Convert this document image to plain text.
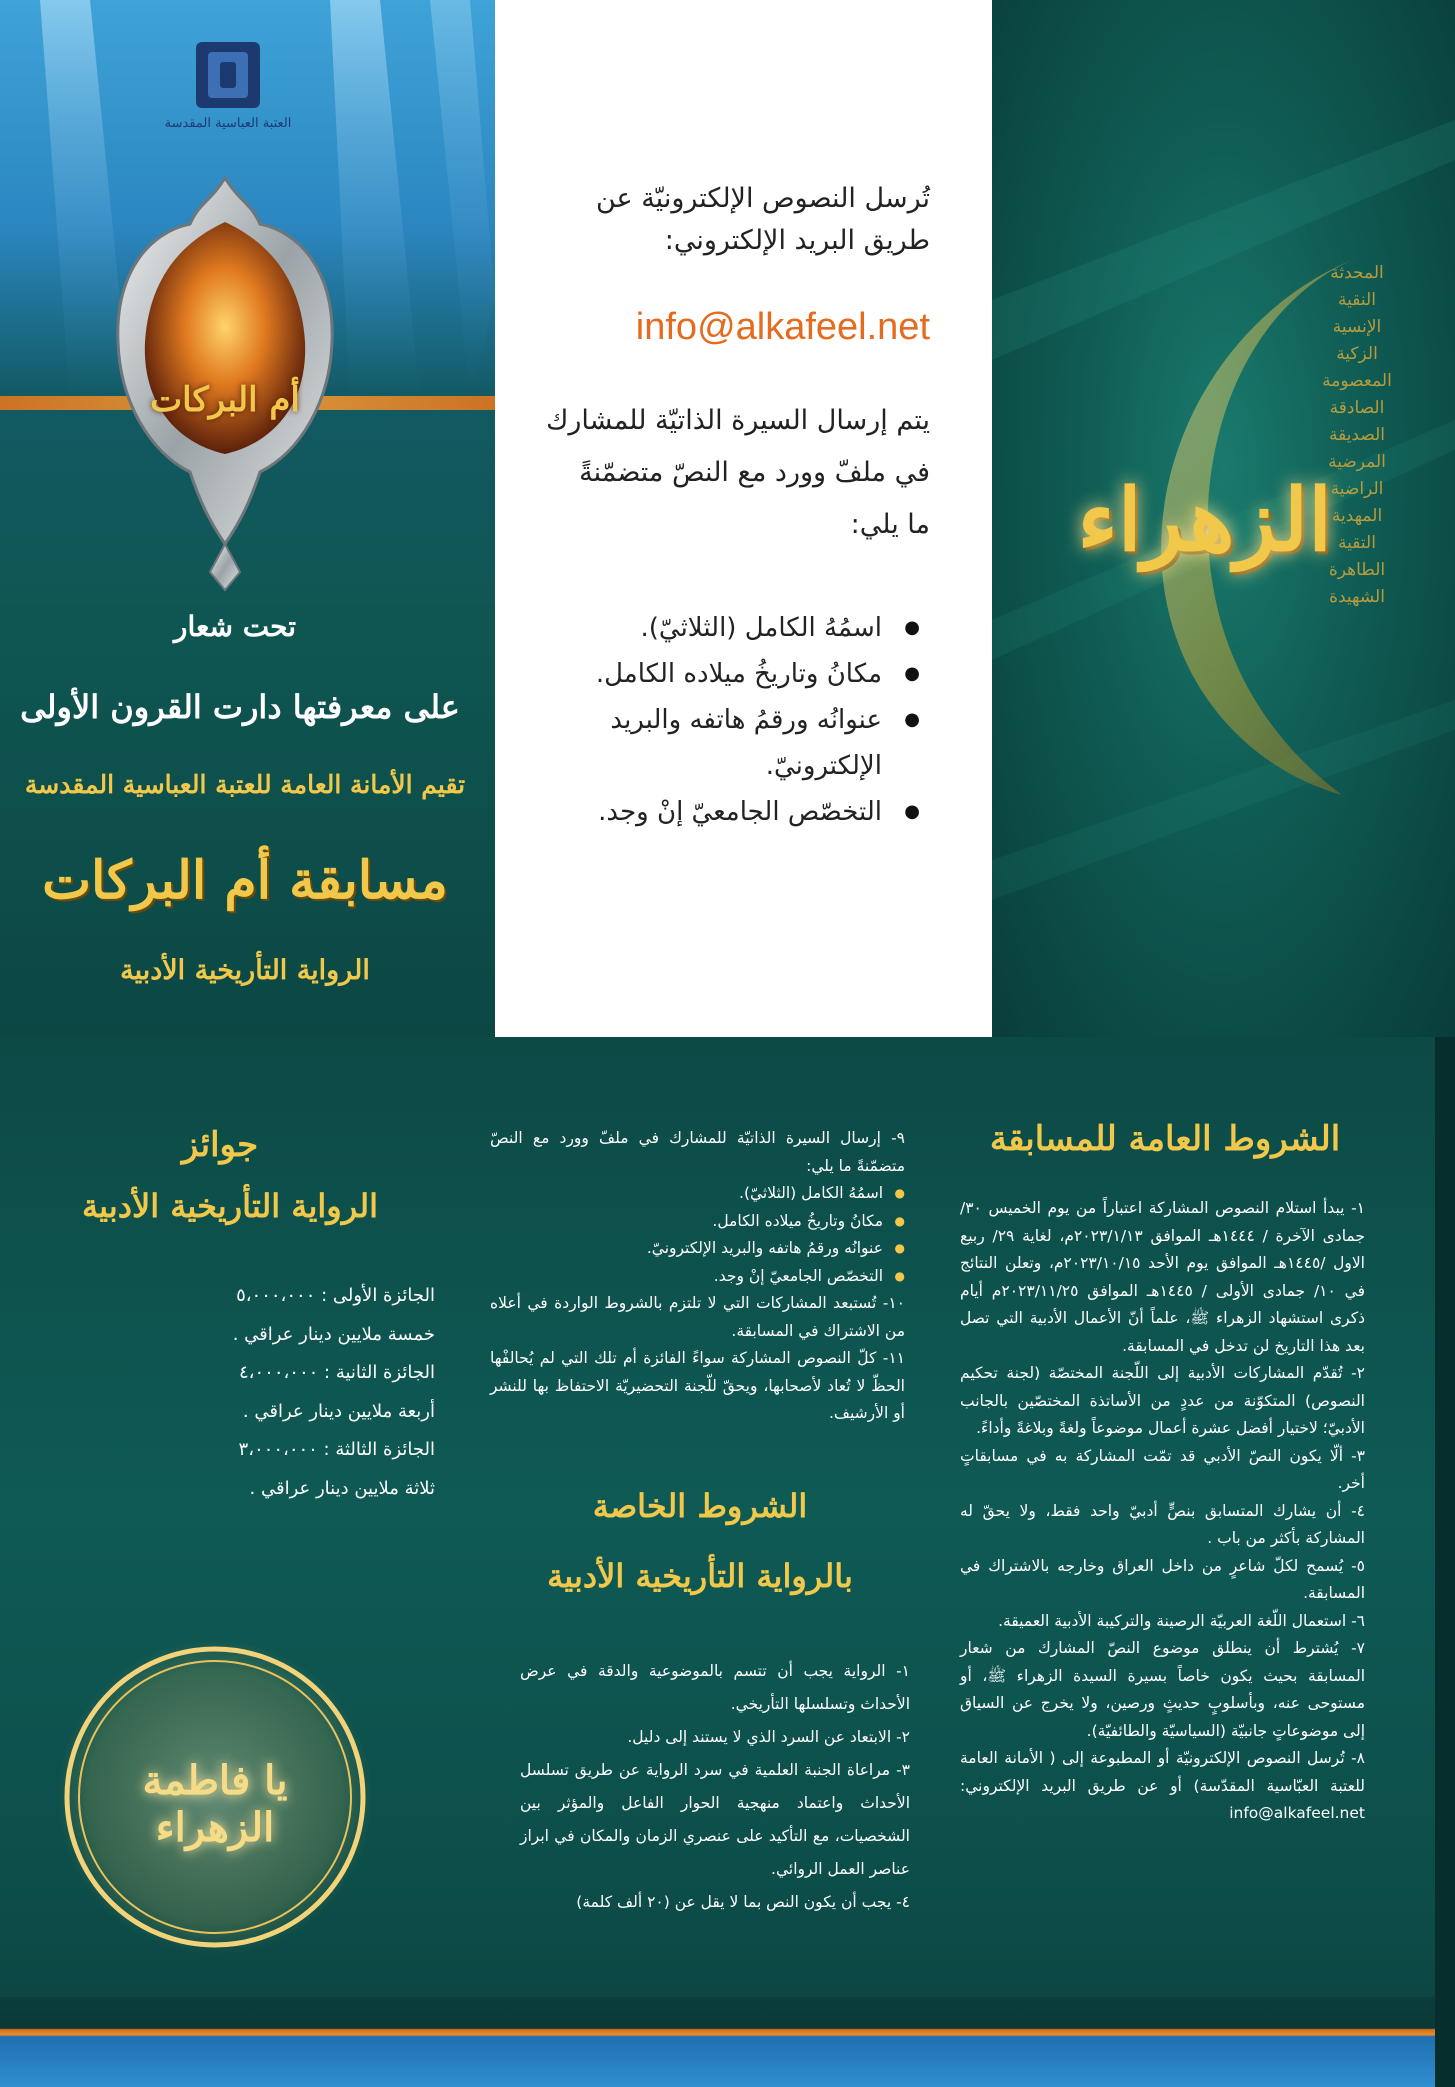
العتبة العباسية المقدسة
أم البركات
تحت شعار
على معرفتها دارت القرون الأولى
تقيم الأمانة العامة للعتبة العباسية المقدسة
مسابقة أم البركات
الرواية التأريخية الأدبية
تُرسل النصوص الإلكترونيّة عن
طريق البريد الإلكتروني:
info@alkafeel.net
يتم إرسال السيرة الذاتيّة للمشارك
في ملفّ وورد مع النصّ متضمّنةً
ما يلي:
● اسمُهُ الكامل (الثلاثيّ).
● مكانُ وتاريخُ ميلاده الكامل.
● عنوانُه ورقمُ هاتفه والبريد الإلكترونيّ.
● التخصّص الجامعيّ إنْ وجد.
الزهراء
المحدثة
النقية
الإنسية
الزكية
المعصومة
الصادقة
الصديقة
المرضية
الراضية
المهدية
التقية
الطاهرة
الشهيدة
الشروط العامة للمسابقة

١- يبدأ استلام النصوص المشاركة اعتباراً من يوم الخميس ٣٠/ جمادى الآخرة / ١٤٤٤هـ الموافق ٢٠٢٣/١/١٣م، لغاية ٢٩/ ربيع الاول /١٤٤٥هـ الموافق يوم الأحد ٢٠٢٣/١٠/١٥م، وتعلن النتائج في ١٠/ جمادى الأولى / ١٤٤٥هـ الموافق ٢٠٢٣/١١/٢٥م أيام ذكرى استشهاد الزهراء ﷺ، علماً أنّ الأعمال الأدبية التي تصل بعد هذا التاريخ لن تدخل في المسابقة.

٢- تُقدّم المشاركات الأدبية إلى اللّجنة المختصّة (لجنة تحكيم النصوص) المتكوّنة من عددٍ من الأساتذة المختصّين بالجانب الأدبيّ؛ لاختيار أفضل عشرة أعمال موضوعاً ولغةً وبلاغةً وأداءً.

٣- ألّا يكون النصّ الأدبي قد تمّت المشاركة به في مسابقاتٍ أخر.

٤- أن يشارك المتسابق بنصٍّ أدبيّ واحد فقط، ولا يحقّ له المشاركة بأكثر من باب .

٥- يُسمح لكلّ شاعرٍ من داخل العراق وخارجه بالاشتراك في المسابقة.

٦- استعمال اللّغة العربيّة الرصينة والتركيبة الأدبية العميقة.

٧- يُشترط أن ينطلق موضوع النصّ المشارك من شعار المسابقة بحيث يكون خاصاً بسيرة السيدة الزهراء ﷺ، أو مستوحى عنه، وبأسلوبٍ حديثٍ ورصين، ولا يخرج عن السياق إلى موضوعاتٍ جانبيّة (السياسيّة والطائفيّة).

٨- تُرسل النصوص الإلكترونيّة أو المطبوعة إلى ( الأمانة العامة للعتبة العبّاسية المقدّسة) أو عن طريق البريد الإلكتروني: info@alkafeel.net

٩- إرسال السيرة الذاتيّة للمشارك في ملفّ وورد مع النصّ متضمّنةً ما يلي:

● اسمُهُ الكامل (الثلاثيّ).
● مكانُ وتاريخُ ميلاده الكامل.
● عنوانُه ورقمُ هاتفه والبريد الإلكترونيّ.
● التخصّص الجامعيّ إنْ وجد.

١٠- تُستبعد المشاركات التي لا تلتزم بالشروط الواردة في أعلاه من الاشتراك في المسابقة.

١١- كلّ النصوص المشاركة سواءً الفائزة أم تلك التي لم يُحالفْها الحظّ لا تُعاد لأصحابها، ويحقّ للّجنة التحضيريّة الاحتفاظ بها للنشر أو الأرشيف.

الشروط الخاصة
بالرواية التأريخية الأدبية

١- الرواية يجب أن تتسم بالموضوعية والدقة في عرض الأحداث وتسلسلها التأريخي.

٢- الابتعاد عن السرد الذي لا يستند إلى دليل.

٣- مراعاة الجنبة العلمية في سرد الرواية عن طريق تسلسل الأحداث واعتماد منهجية الحوار الفاعل والمؤثر بين الشخصيات، مع التأكيد على عنصري الزمان والمكان في ابراز عناصر العمل الروائي.

٤- يجب أن يكون النص بما لا يقل عن (٢٠ ألف كلمة)

جوائز
الرواية التأريخية الأدبية
الجائزة الأولى : ٥،٠٠٠،٠٠٠
خمسة ملايين دينار عراقي .
الجائزة الثانية : ٤،٠٠٠،٠٠٠
أربعة ملايين دينار عراقي .
الجائزة الثالثة : ٣،٠٠٠،٠٠٠
ثلاثة ملايين دينار عراقي .
يا فاطمة الزهراء
